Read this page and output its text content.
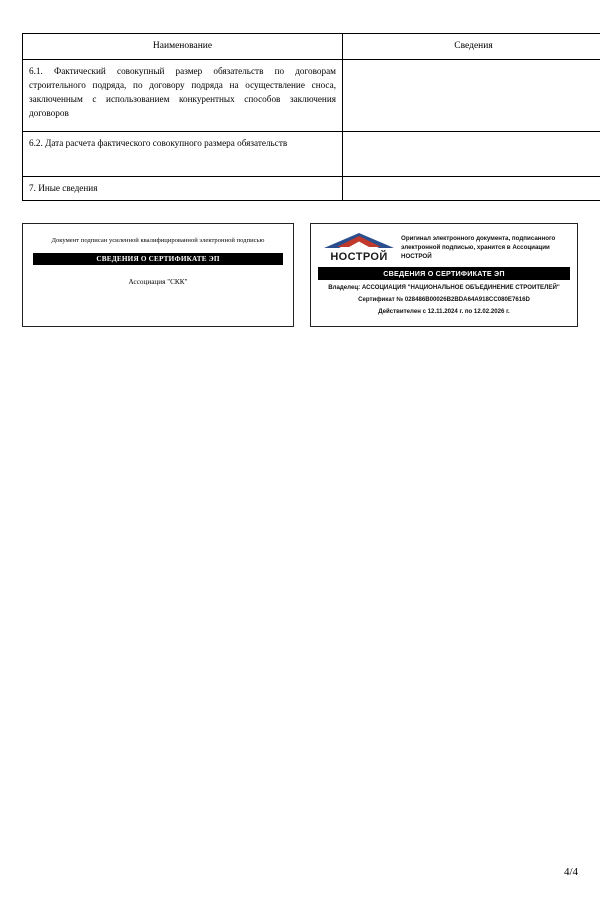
Наименование	Сведения
6.1. Фактический совокупный размер обязательств по договорам строительного подряда, по договору подряда на осуществление сноса, заключенным с использованием конкурентных способов заключения договоров	
6.2. Дата расчета фактического совокупного размера обязательств	
7. Иные сведения	
Документ подписан усиленной квалифицированной электронной подписью
СВЕДЕНИЯ О СЕРТИФИКАТЕ ЭП
Ассоциация "СКК"
НОСТРОЙ
Оригинал электронного документа, подписанного электронной подписью, хранится в Ассоциации НОСТРОЙ
СВЕДЕНИЯ О СЕРТИФИКАТЕ ЭП
Владелец: АССОЦИАЦИЯ "НАЦИОНАЛЬНОЕ ОБЪЕДИНЕНИЕ СТРОИТЕЛЕЙ"
Сертификат № 028486B00026B2BDA64A918CC080E7616D
Действителен с 12.11.2024 г. по 12.02.2026 г.
4/4
